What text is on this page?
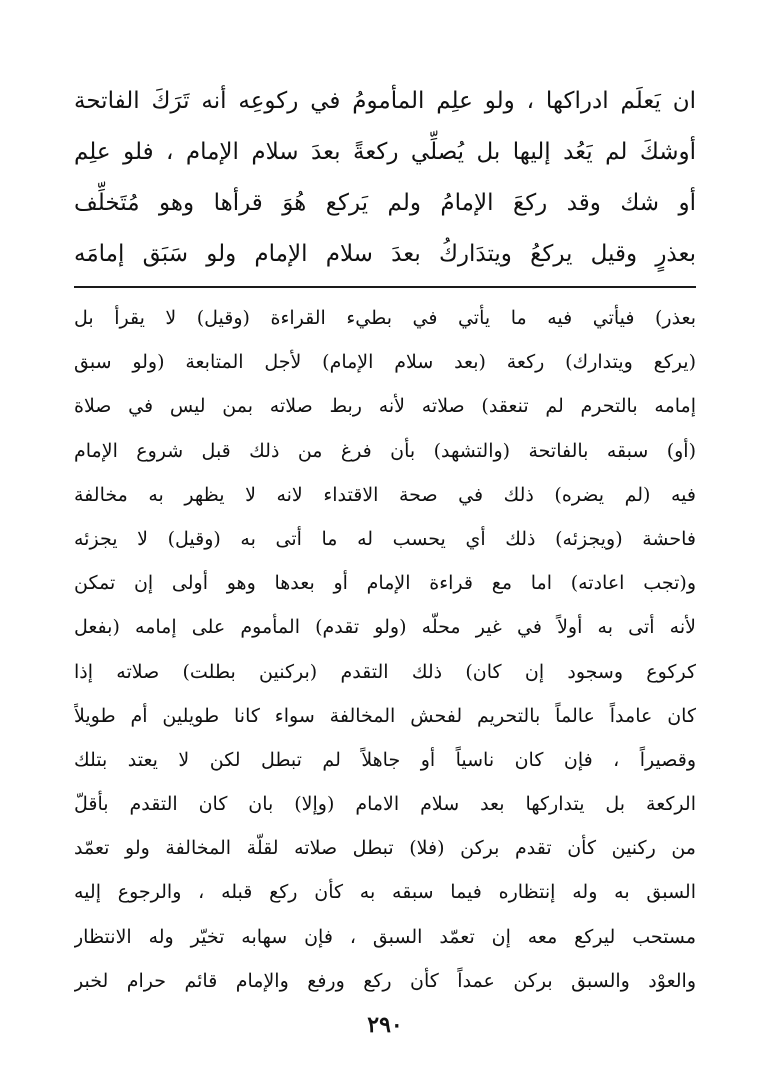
ان يَعلَم ادراكها ، ولو علِم المأمومُ في ركوعِه أنه تَرَكَ الفاتحة
أوشكَ لم يَعُد إليها بل يُصلِّي ركعةً بعدَ سلام الإمام ، فلو علِم
أو شك وقد ركعَ الإمامُ ولم يَركع هُوَ قرأها وهو مُتَخلِّف
بعذرٍ وقيل يركعُ ويتدَاركُ بعدَ سلام الإمام ولو سَبَق إمامَه
بعذر) فيأتي فيه ما يأتي في بطيء القراءة (وقيل) لا يقرأ بل
(يركع ويتدارك) ركعة (بعد سلام الإمام) لأجل المتابعة (ولو سبق
إمامه بالتحرم لم تنعقد) صلاته لأنه ربط صلاته بمن ليس في صلاة
(أو) سبقه بالفاتحة (والتشهد) بأن فرغ من ذلك قبل شروع الإمام
فيه (لم يضره) ذلك في صحة الاقتداء لانه لا يظهر به مخالفة
فاحشة (ويجزئه) ذلك أي يحسب له ما أتى به (وقيل) لا يجزئه
و(تجب اعادته) اما مع قراءة الإمام أو بعدها وهو أولى إن تمكن
لأنه أتى به أولاً في غير محلّه (ولو تقدم) المأموم على إمامه (بفعل
كركوع وسجود إن كان) ذلك التقدم (بركنين بطلت) صلاته إذا
كان عامداً عالماً بالتحريم لفحش المخالفة سواء كانا طويلين أم طويلاً
وقصيراً ، فإن كان ناسياً أو جاهلاً لم تبطل لكن لا يعتد بتلك
الركعة بل يتداركها بعد سلام الامام (وإلا) بان كان التقدم بأقلّ
من ركنين كأن تقدم بركن (فلا) تبطل صلاته لقلّة المخالفة ولو تعمّد
السبق به وله إنتظاره فيما سبقه به كأن ركع قبله ، والرجوع إليه
مستحب ليركع معه إن تعمّد السبق ، فإن سهابه تخيّر وله الانتظار
والعوْد والسبق بركن عمداً كأن ركع ورفع والإمام قائم حرام لخبر
٢٩٠
